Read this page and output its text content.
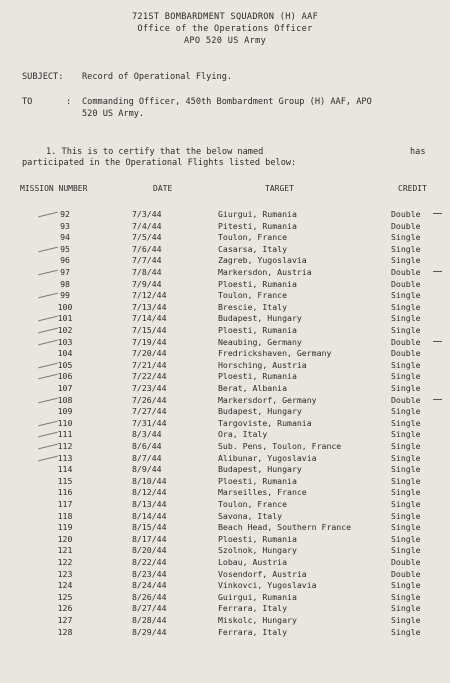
721ST BOMBARDMENT SQUADRON (H) AAF
Office of the Operations Officer
APO 520 US Army
SUBJECT: Record of Operational Flying.
TO	: Commanding Officer, 450th Bombardment Group (H) AAF, APO
520 US Army.
1. This is to certify that the below named	has
participated in the Operational Flights listed below:
MISSION NUMBER	DATE	TARGET	CREDIT
92	7/3/44	Giurgui, Rumania	Double
93	7/4/44	Pitesti, Rumania	Double
94	7/5/44	Toulon, France	Single
95	7/6/44	Casarsa, Italy	Single
96	7/7/44	Zagreb, Yugoslavia	Single
97	7/8/44	Markersdon, Austria	Double
98	7/9/44	Ploesti, Rumania	Double
99	7/12/44	Toulon, France	Single
100	7/13/44	Brescie, Italy	Single
101	7/14/44	Budapest, Hungary	Single
102	7/15/44	Ploesti, Rumania	Single
103	7/19/44	Neaubing, Germany	Double
104	7/20/44	Fredrickshaven, Germany	Double
105	7/21/44	Horsching, Austria	Single
106	7/22/44	Ploesti, Rumania	Single
107	7/23/44	Berat, Albania	Single
108	7/26/44	Markersdorf, Germany	Double
109	7/27/44	Budapest, Hungary	Single
110	7/31/44	Targoviste, Rumania	Single
111	8/3/44	Ora, Italy	Single
112	8/6/44	Sub. Pens, Toulon, France	Single
113	8/7/44	Alibunar, Yugoslavia	Single
114	8/9/44	Budapest, Hungary	Single
115	8/10/44	Ploesti, Rumania	Single
116	8/12/44	Marseilles, France	Single
117	8/13/44	Toulon, France	Single
118	8/14/44	Savona, Italy	Single
119	8/15/44	Beach Head, Southern France	Single
120	8/17/44	Ploesti, Rumania	Single
121	8/20/44	Szolnok, Hungary	Single
122	8/22/44	Lobau, Austria	Double
123	8/23/44	Vosendorf, Austria	Double
124	8/24/44	Vinkovci, Yugoslavia	Single
125	8/26/44	Guirgui, Rumania	Single
126	8/27/44	Ferrara, Italy	Single
127	8/28/44	Miskolc, Hungary	Single
128	8/29/44	Ferrara, Italy	Single
